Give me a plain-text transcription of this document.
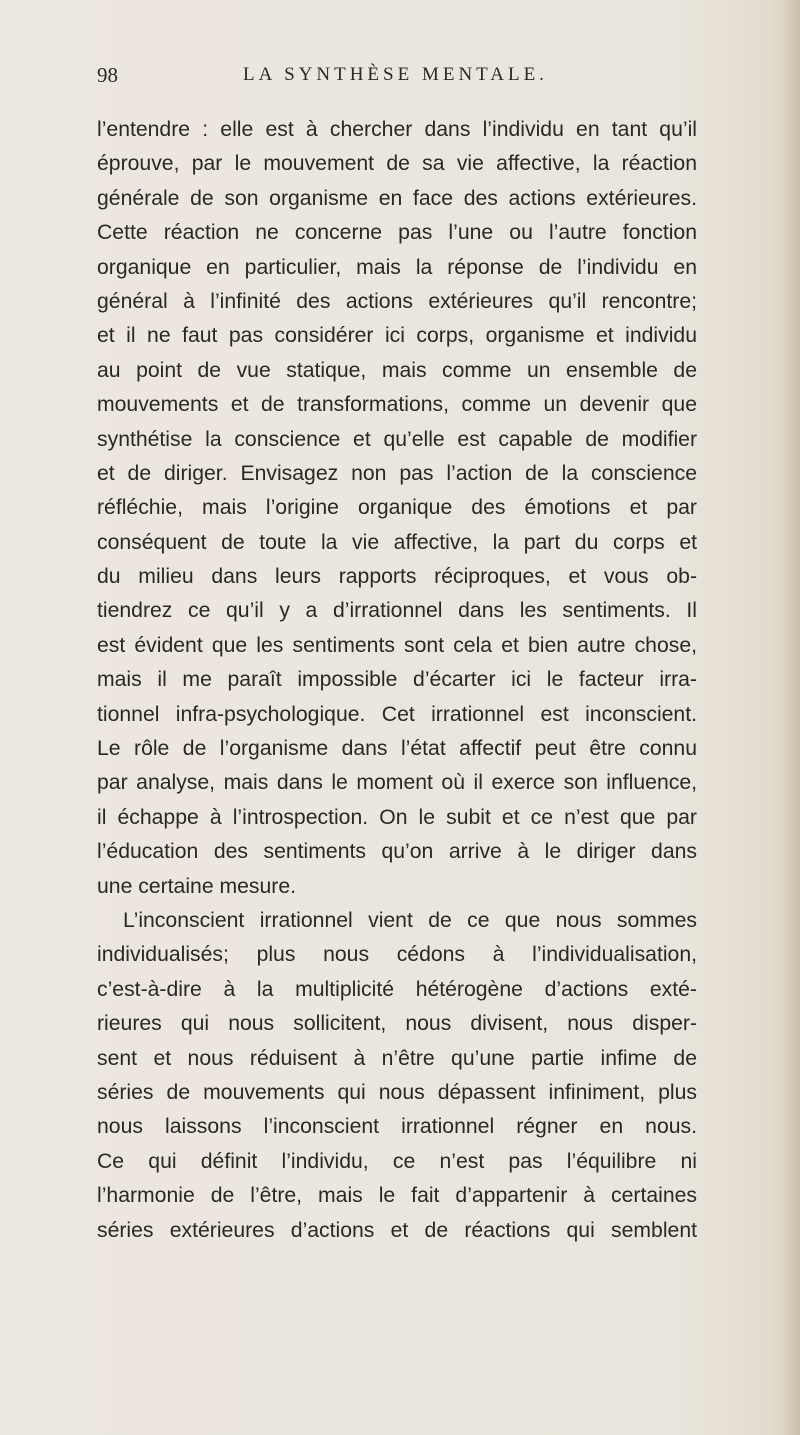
98	LA SYNTHÈSE MENTALE.
l’entendre : elle est à chercher dans l’individu en tant qu’il
éprouve, par le mouvement de sa vie affective, la réaction
générale de son organisme en face des actions extérieures.
Cette réaction ne concerne pas l’une ou l’autre fonction
organique en particulier, mais la réponse de l’individu en
général à l’infinité des actions extérieures qu’il rencontre;
et il ne faut pas considérer ici corps, organisme et individu
au point de vue statique, mais comme un ensemble de
mouvements et de transformations, comme un devenir que
synthétise la conscience et qu’elle est capable de modifier
et de diriger. Envisagez non pas l’action de la conscience
réfléchie, mais l’origine organique des émotions et par
conséquent de toute la vie affective, la part du corps et
du milieu dans leurs rapports réciproques, et vous ob-
tiendrez ce qu’il y a d’irrationnel dans les sentiments. Il
est évident que les sentiments sont cela et bien autre chose,
mais il me paraît impossible d’écarter ici le facteur irra-
tionnel infra-psychologique. Cet irrationnel est inconscient.
Le rôle de l’organisme dans l’état affectif peut être connu
par analyse, mais dans le moment où il exerce son influence,
il échappe à l’introspection. On le subit et ce n’est que par
l’éducation des sentiments qu’on arrive à le diriger dans
une certaine mesure.
L’inconscient irrationnel vient de ce que nous sommes
individualisés; plus nous cédons à l’individualisation,
c’est-à-dire à la multiplicité hétérogène d’actions exté-
rieures qui nous sollicitent, nous divisent, nous disper-
sent et nous réduisent à n’être qu’une partie infime de
séries de mouvements qui nous dépassent infiniment, plus
nous laissons l’inconscient irrationnel régner en nous.
Ce qui définit l’individu, ce n’est pas l’équilibre ni
l’harmonie de l’être, mais le fait d’appartenir à certaines
séries extérieures d’actions et de réactions qui semblent
